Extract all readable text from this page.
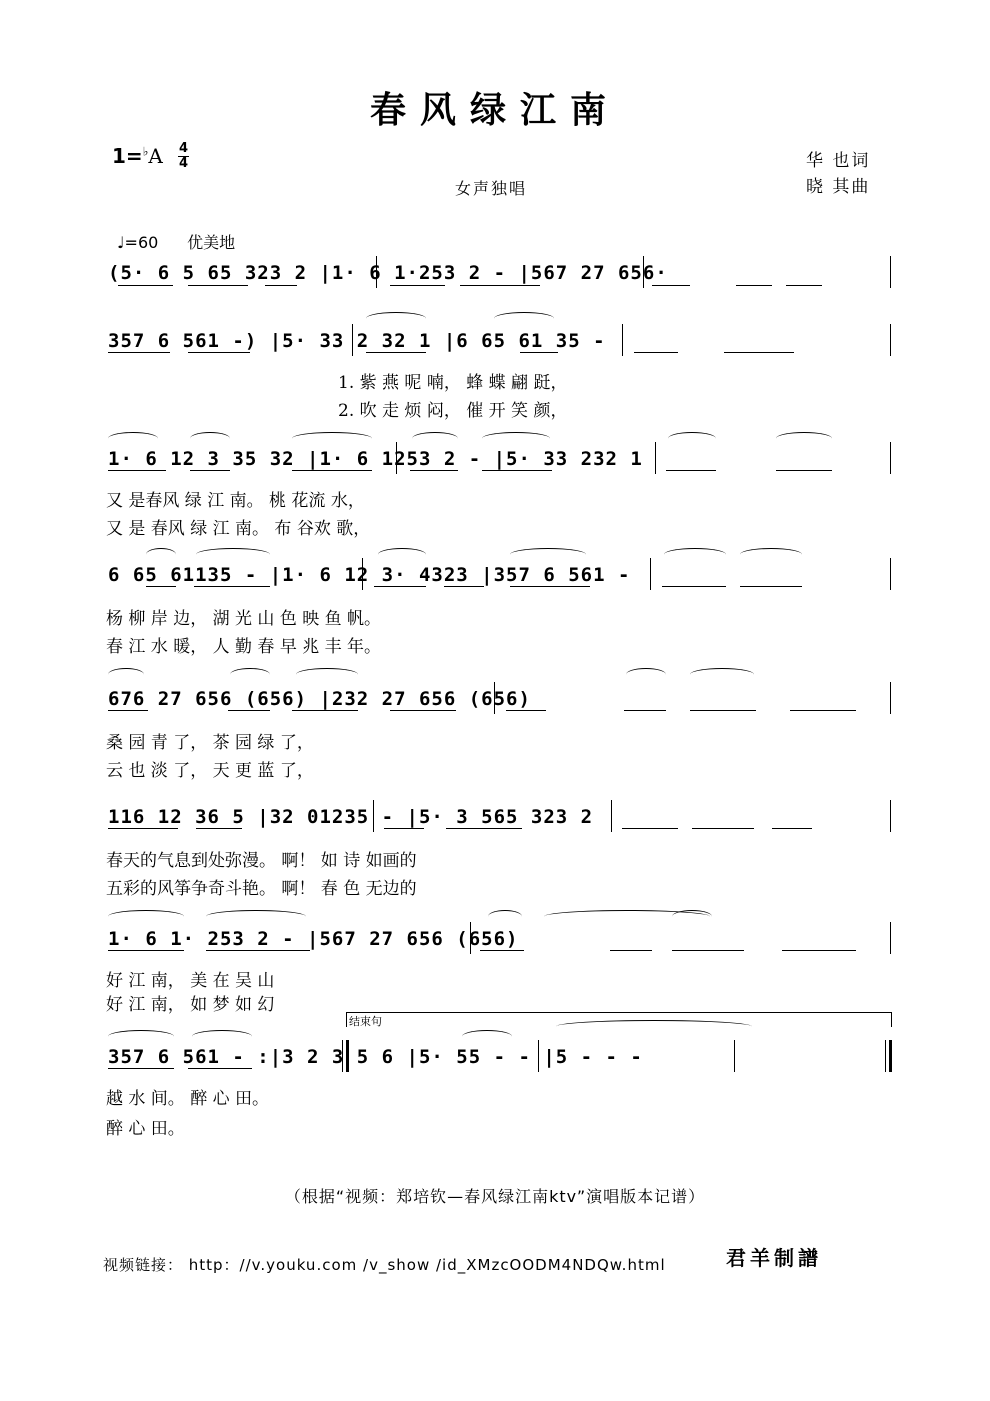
春风绿江南
1=♭A 4
4	华 也词
晓 其曲
女声独唱
♩=60 优美地
(5· 6 5 65 323 2 |1· 6 1·253 2 - |567 27 656·
357 6 561 -) |5· 33 2 32 1 |6 65 61 35 -
1. 紫 燕 呢 喃， 蜂 蝶 翩 跹，
2. 吹 走 烦 闷， 催 开 笑 颜，
1· 6 12 3 35 32 |1· 6 1253 2 - |5· 33 232 1
又 是春风 绿 江 南。 桃 花流 水，
又 是 春风 绿 江 南。 布 谷欢 歌，
6 65 61135 - |1· 6 12 3· 4323 |357 6 561 -
杨 柳 岸 边， 湖 光 山 色 映 鱼 帆。
春 江 水 暖， 人 勤 春 早 兆 丰 年。
676 27 656 (656) |232 27 656 (656)
桑 园 青 了， 茶 园 绿 了，
云 也 淡 了， 天 更 蓝 了，
116 12 36 5 |32 01235 - |5· 3 565 323 2
春天的气息到处弥漫。 啊！ 如 诗 如画的
五彩的风筝争奇斗艳。 啊！ 春 色 无边的
1· 6 1· 253 2 - |567 27 656 (656)
好 江 南， 美 在 吴 山
好 江 南， 如 梦 如 幻
结束句
357 6 561 - :|3 2 3 5 6 |5· 55 - - |5 - - -
越 水 间。 醉 心 田。
醉 心 田。
（根据“视频：郑培钦—春风绿江南ktv”演唱版本记谱）
视频链接： http：//v.youku.com /v_show /id_XMzcOODM4NDQw.html	君羊制譜
